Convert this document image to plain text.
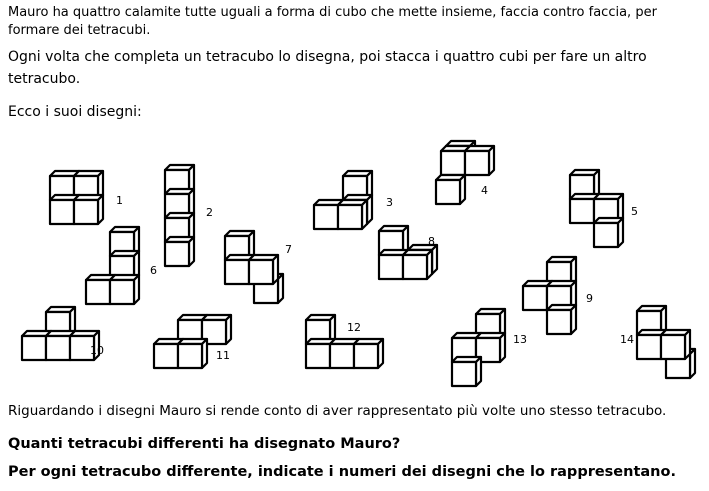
Mauro ha quattro calamite tutte uguali a forma di cubo che mette insieme, faccia contro faccia, per formare dei tetracubi.

Ogni volta che completa un tetracubo lo disegna, poi stacca i quattro cubi per fare un altro tetracubo.

Ecco i suoi disegni:

1
2
3
4
5
6
7
8
9
10	11
12
13	14

Riguardando i disegni Mauro si rende conto di aver rappresentato più volte uno stesso tetracubo.

Quanti tetracubi differenti ha disegnato Mauro?

Per ogni tetracubo differente, indicate i numeri dei disegni che lo rappresentano.
